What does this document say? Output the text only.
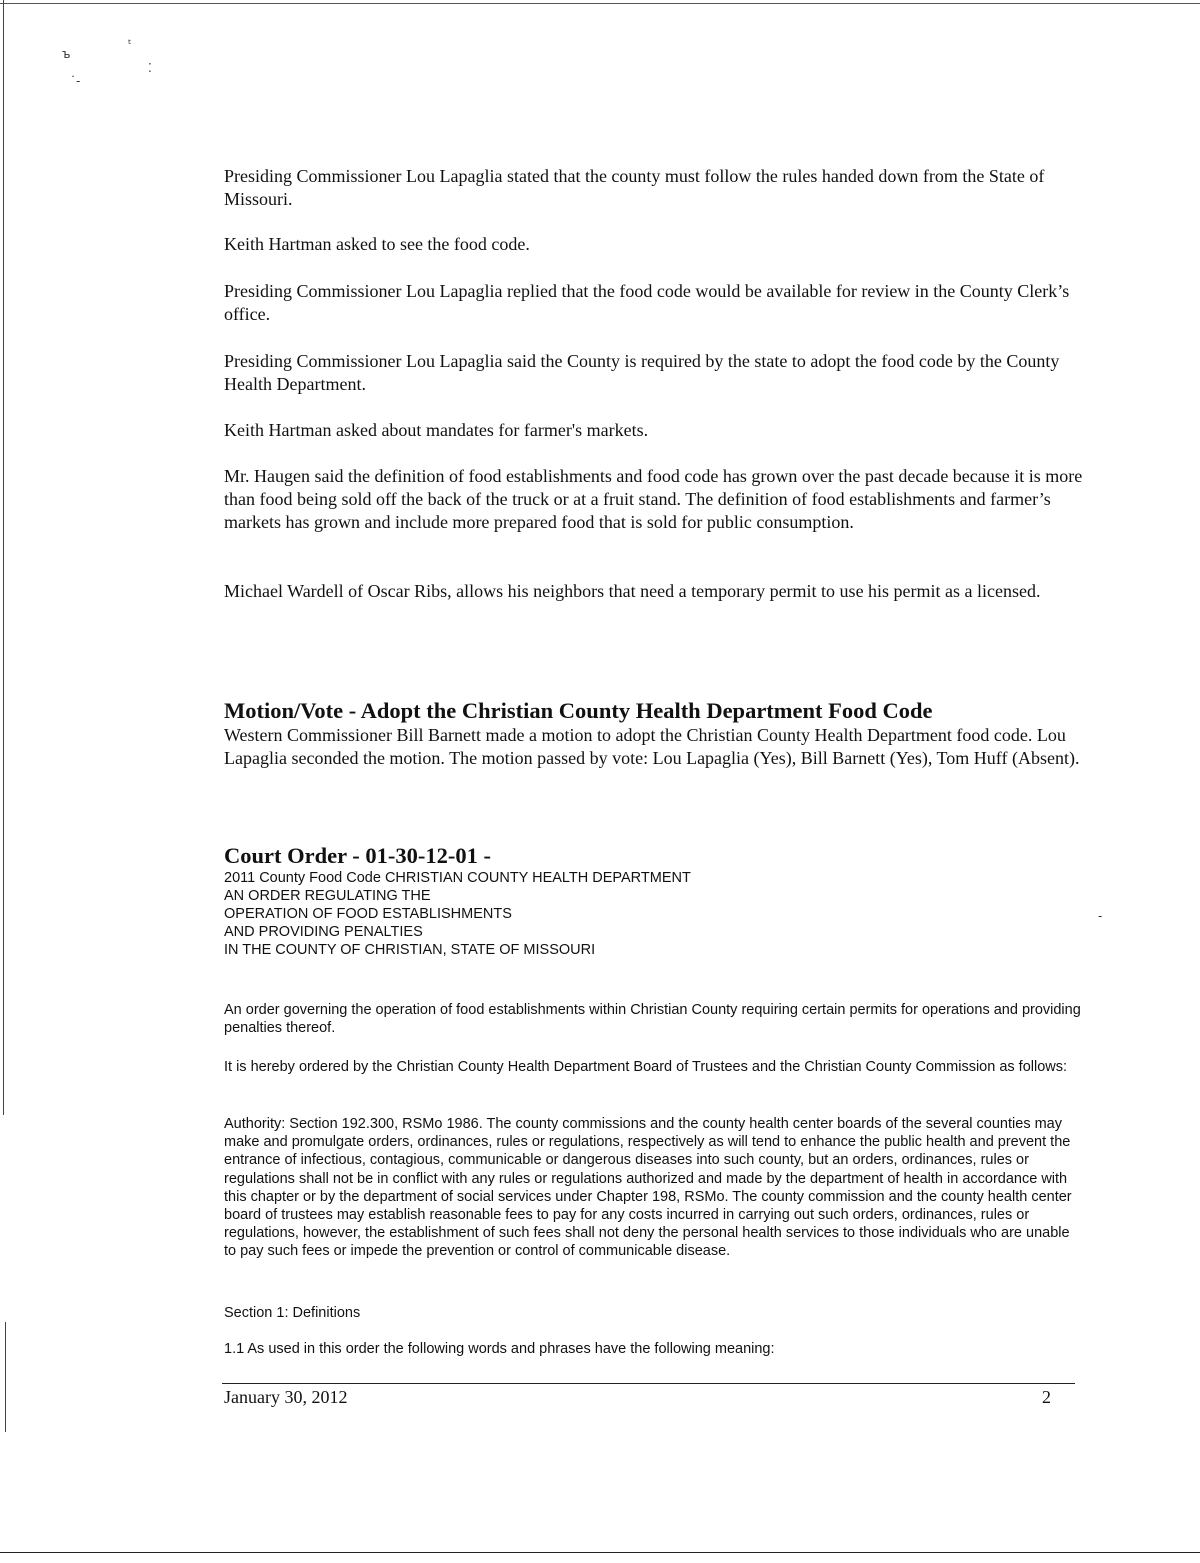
ъ
ᵗ
˙-
⁚
-

Presiding Commissioner Lou Lapaglia stated that the county must follow the rules handed down from the State of Missouri.

Keith Hartman asked to see the food code.

Presiding Commissioner Lou Lapaglia replied that the food code would be available for review in the County Clerk’s office.

Presiding Commissioner Lou Lapaglia said the County is required by the state to adopt the food code by the County Health Department.

Keith Hartman asked about mandates for farmer's markets.

Mr. Haugen said the definition of food establishments and food code has grown over the past decade because it is more than food being sold off the back of the truck or at a fruit stand. The definition of food establishments and farmer’s markets has grown and include more prepared food that is sold for public consumption.

Michael Wardell of Oscar Ribs, allows his neighbors that need a temporary permit to use his permit as a licensed.

Motion/Vote - Adopt the Christian County Health Department Food Code

Western Commissioner Bill Barnett made a motion to adopt the Christian County Health Department food code. Lou Lapaglia seconded the motion. The motion passed by vote: Lou Lapaglia (Yes), Bill Barnett (Yes), Tom Huff (Absent).

Court Order - 01-30-12-01 -

2011 County Food Code CHRISTIAN COUNTY HEALTH DEPARTMENT

AN ORDER REGULATING THE

OPERATION OF FOOD ESTABLISHMENTS

AND PROVIDING PENALTIES

IN THE COUNTY OF CHRISTIAN, STATE OF MISSOURI

An order governing the operation of food establishments within Christian County requiring certain permits for operations and providing penalties thereof.

It is hereby ordered by the Christian County Health Department Board of Trustees and the Christian County Commission as follows:

Authority: Section 192.300, RSMo 1986. The county commissions and the county health center boards of the several counties may make and promulgate orders, ordinances, rules or regulations, respectively as will tend to enhance the public health and prevent the entrance of infectious, contagious, communicable or dangerous diseases into such county, but an orders, ordinances, rules or regulations shall not be in conflict with any rules or regulations authorized and made by the department of health in accordance with this chapter or by the department of social services under Chapter 198, RSMo. The county commission and the county health center board of trustees may establish reasonable fees to pay for any costs incurred in carrying out such orders, ordinances, rules or regulations, however, the establishment of such fees shall not deny the personal health services to those individuals who are unable to pay such fees or impede the prevention or control of communicable disease.

Section 1: Definitions

1.1 As used in this order the following words and phrases have the following meaning:

January 30, 2012	2
